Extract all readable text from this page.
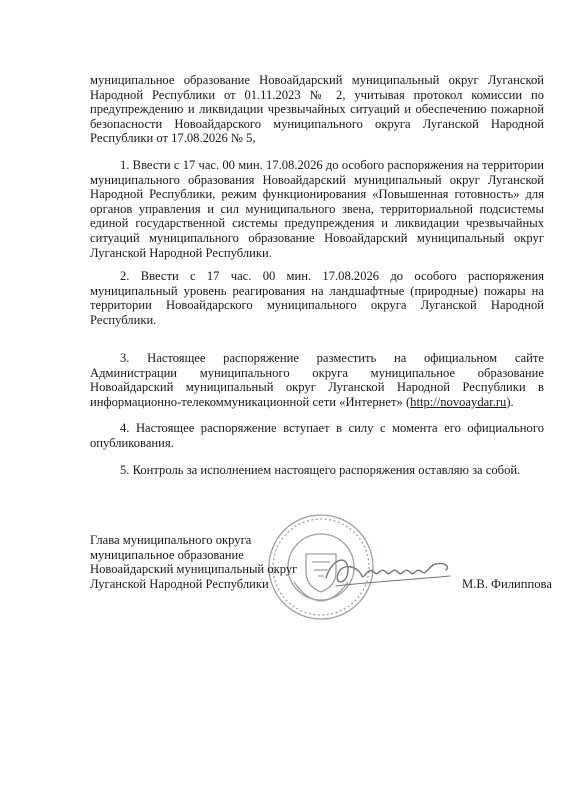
муниципальное образование Новоайдарский муниципальный округ Луганской Народной Республики от 01.11.2023 № 2, учитывая протокол комиссии по предупреждению и ликвидации чрезвычайных ситуаций и обеспечению пожарной безопасности Новоайдарского муниципального округа Луганской Народной Республики от 17.08.2026 № 5,

1. Ввести с 17 час. 00 мин. 17.08.2026 до особого распоряжения на территории муниципального образования Новоайдарский муниципальный округ Луганской Народной Республики, режим функционирования «Повышенная готовность» для органов управления и сил муниципального звена, территориальной подсистемы единой государственной системы предупреждения и ликвидации чрезвычайных ситуаций муниципального образование Новоайдарский муниципальный округ Луганской Народной Республики.

2. Ввести с 17 час. 00 мин. 17.08.2026 до особого распоряжения муниципальный уровень реагирования на ландшафтные (природные) пожары на территории Новоайдарского муниципального округа Луганской Народной Республики.

3. Настоящее распоряжение разместить на официальном сайте Администрации муниципального округа муниципальное образование Новоайдарский муниципальный округ Луганской Народной Республики в информационно-телекоммуникационной сети «Интернет» (http://novoaydar.ru).

4. Настоящее распоряжение вступает в силу с момента его официального опубликования.

5. Контроль за исполнением настоящего распоряжения оставляю за собой.

Глава муниципального округа
муниципальное образование
Новоайдарский муниципальный округ
Луганской Народной Республики	М.В. Филиппова
